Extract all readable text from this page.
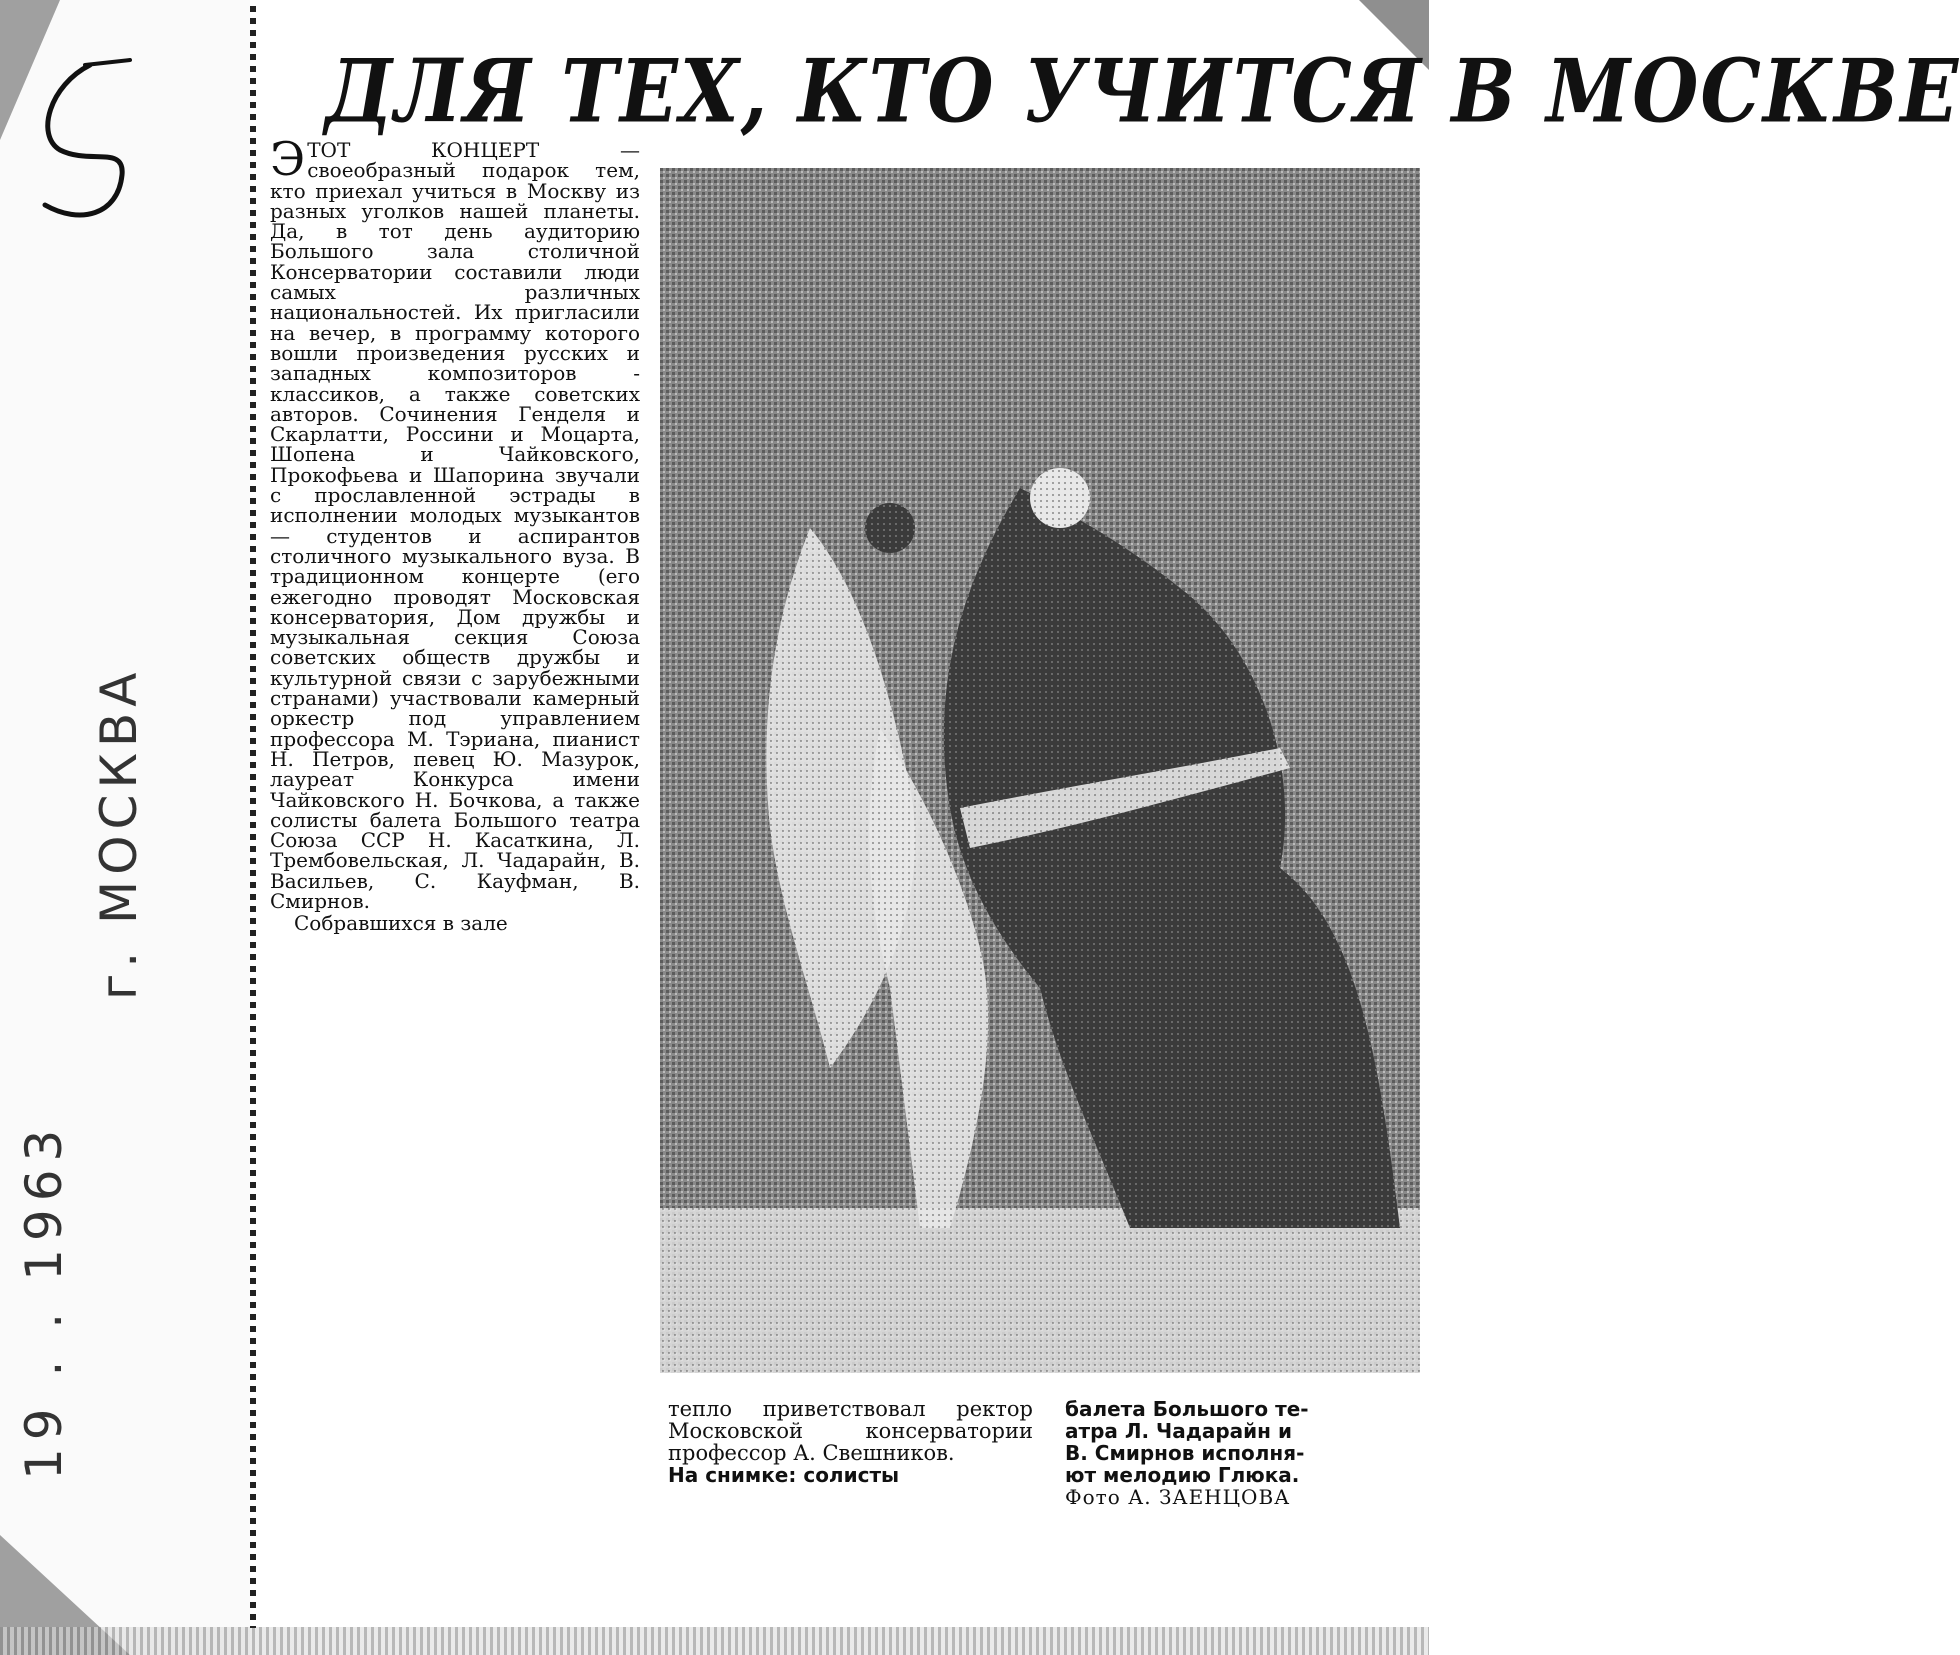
19 . . 1963
г. МОСКВА
ДЛЯ ТЕХ, КТО УЧИТСЯ В МОСКВЕ
Э ТОТ КОНЦЕРТ — своеобразный подарок тем, кто приехал учиться в Москву из разных уголков нашей планеты. Да, в тот день аудиторию Большого зала столичной Консерватории составили люди самых различных национальностей. Их пригласили на вечер, в программу которого вошли произведения русских и западных композиторов - классиков, а также советских авторов. Сочинения Генделя и Скарлатти, Россини и Моцарта, Шопена и Чайковского, Прокофьева и Шапорина звучали с прославленной эстрады в исполнении молодых музыкантов — студентов и аспирантов столичного музыкального вуза. В традиционном концерте (его ежегодно проводят Московская консерватория, Дом дружбы и музыкальная секция Союза советских обществ дружбы и культурной связи с зарубежными странами) участвовали камерный оркестр под управлением профессора М. Тэриана, пианист Н. Петров, певец Ю. Мазурок, лауреат Конкурса имени Чайковского Н. Бочкова, а также солисты балета Большого театра Союза ССР Н. Касаткина, Л. Трембовельская, Л. Чадарайн, В. Васильев, С. Кауфман, В. Смирнов.

Собравшихся в зале

тепло приветствовал ректор Московской консерватории профессор А. Свешников.

На снимке: солисты

балета Большого те-

атра Л. Чадарайн и

В. Смирнов исполня-

ют мелодию Глюка.

Фото А. ЗАЕНЦОВА
